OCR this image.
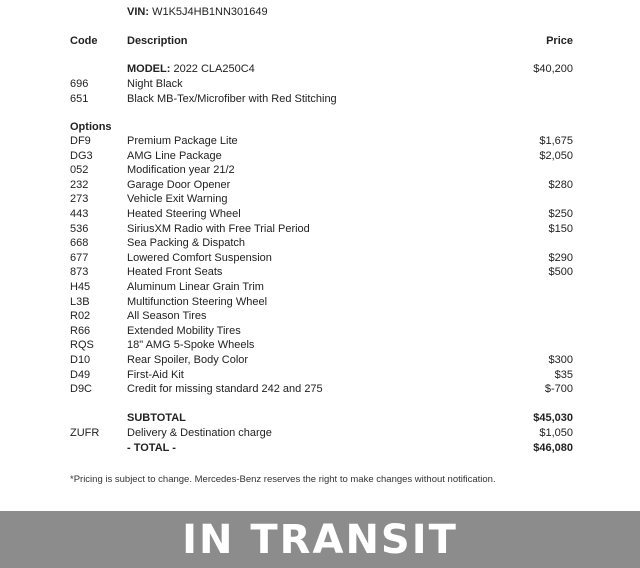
VIN: W1K5J4HB1NN301649
Code	Description	Price
MODEL: 2022 CLA250C4	$40,200
696	Night Black
651	Black MB-Tex/Microfiber with Red Stitching
Options
DF9	Premium Package Lite	$1,675
DG3	AMG Line Package	$2,050
052	Modification year 21/2
232	Garage Door Opener	$280
273	Vehicle Exit Warning
443	Heated Steering Wheel	$250
536	SiriusXM Radio with Free Trial Period	$150
668	Sea Packing & Dispatch
677	Lowered Comfort Suspension	$290
873	Heated Front Seats	$500
H45	Aluminum Linear Grain Trim
L3B	Multifunction Steering Wheel
R02	All Season Tires
R66	Extended Mobility Tires
RQS	18" AMG 5-Spoke Wheels
D10	Rear Spoiler, Body Color	$300
D49	First-Aid Kit	$35
D9C	Credit for missing standard 242 and 275	$-700
SUBTOTAL	$45,030
ZUFR	Delivery & Destination charge	$1,050
- TOTAL -	$46,080
*Pricing is subject to change. Mercedes-Benz reserves the right to make changes without notification.
IN TRANSIT
